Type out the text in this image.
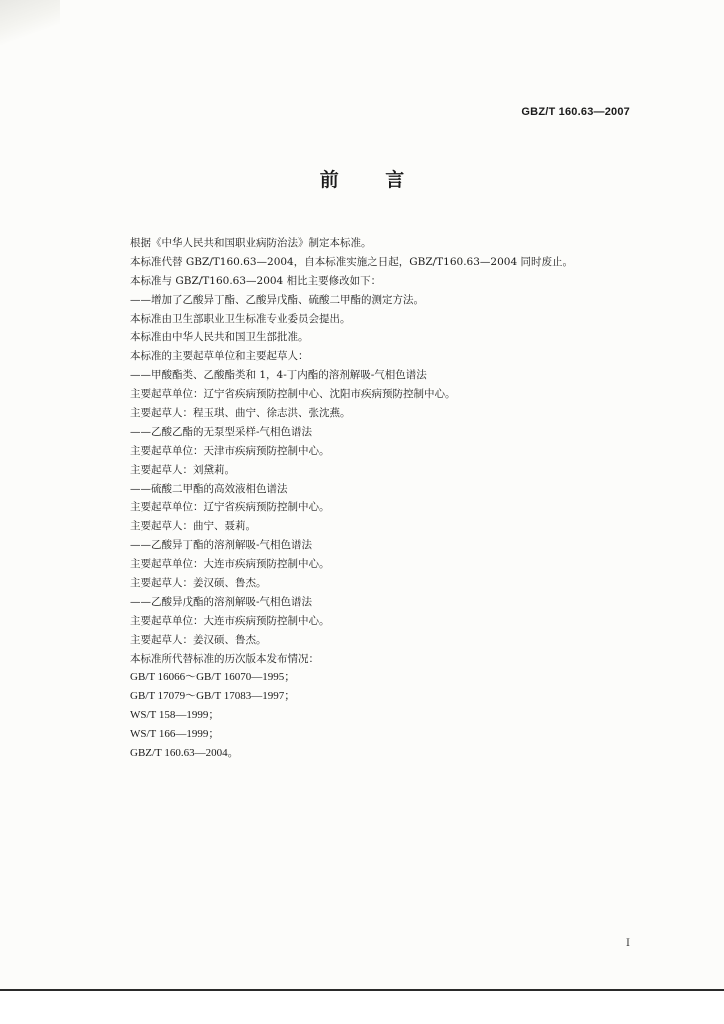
GBZ/T 160.63—2007
前 言
根据《中华人民共和国职业病防治法》制定本标准。
本标准代替 GBZ/T160.63—2004，自本标准实施之日起，GBZ/T160.63—2004 同时废止。
本标准与 GBZ/T160.63—2004 相比主要修改如下：
——增加了乙酸异丁酯、乙酸异戊酯、硫酸二甲酯的测定方法。
本标准由卫生部职业卫生标准专业委员会提出。
本标准由中华人民共和国卫生部批准。
本标准的主要起草单位和主要起草人：
——甲酸酯类、乙酸酯类和 1，4-丁内酯的溶剂解吸-气相色谱法
主要起草单位：辽宁省疾病预防控制中心、沈阳市疾病预防控制中心。
主要起草人：程玉琪、曲宁、徐志洪、张沈燕。
——乙酸乙酯的无泵型采样-气相色谱法
主要起草单位：天津市疾病预防控制中心。
主要起草人：刘黛莉。
——硫酸二甲酯的高效液相色谱法
主要起草单位：辽宁省疾病预防控制中心。
主要起草人：曲宁、聂莉。
——乙酸异丁酯的溶剂解吸-气相色谱法
主要起草单位：大连市疾病预防控制中心。
主要起草人：姜汉硕、鲁杰。
——乙酸异戊酯的溶剂解吸-气相色谱法
主要起草单位：大连市疾病预防控制中心。
主要起草人：姜汉硕、鲁杰。
本标准所代替标准的历次版本发布情况：
GB/T 16066～GB/T 16070—1995；
GB/T 17079～GB/T 17083—1997；
WS/T 158—1999；
WS/T 166—1999；
GBZ/T 160.63—2004。
I
